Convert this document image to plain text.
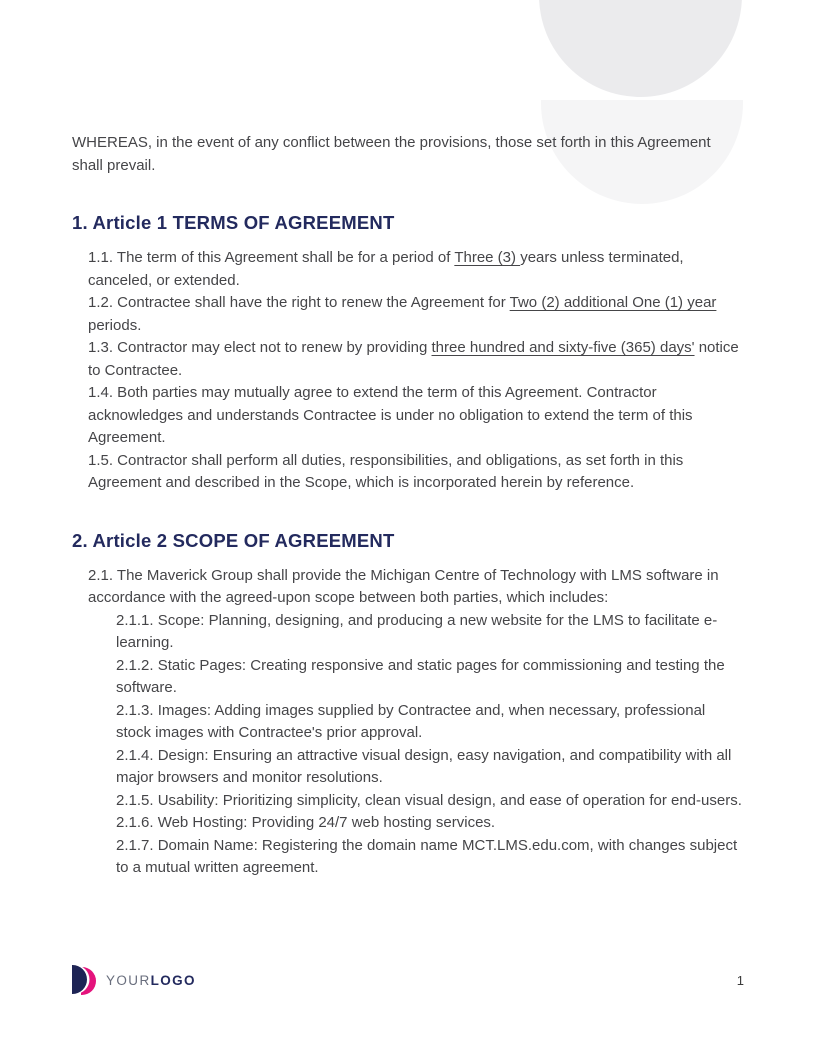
WHEREAS, in the event of any conflict between the provisions, those set forth in this Agreement shall prevail.

1. Article 1 TERMS OF AGREEMENT

1.1. The term of this Agreement shall be for a period of Three (3) years unless terminated, canceled, or extended.

1.2. Contractee shall have the right to renew the Agreement for Two (2) additional One (1) year periods.

1.3. Contractor may elect not to renew by providing three hundred and sixty-five (365) days' notice to Contractee.

1.4. Both parties may mutually agree to extend the term of this Agreement. Contractor acknowledges and understands Contractee is under no obligation to extend the term of this Agreement.

1.5. Contractor shall perform all duties, responsibilities, and obligations, as set forth in this Agreement and described in the Scope, which is incorporated herein by reference.

2. Article 2 SCOPE OF AGREEMENT

2.1. The Maverick Group shall provide the Michigan Centre of Technology with LMS software in accordance with the agreed-upon scope between both parties, which includes:

2.1.1. Scope: Planning, designing, and producing a new website for the LMS to facilitate e-learning.

2.1.2. Static Pages: Creating responsive and static pages for commissioning and testing the software.

2.1.3. Images: Adding images supplied by Contractee and, when necessary, professional stock images with Contractee's prior approval.

2.1.4. Design: Ensuring an attractive visual design, easy navigation, and compatibility with all major browsers and monitor resolutions.

2.1.5. Usability: Prioritizing simplicity, clean visual design, and ease of operation for end-users.

2.1.6. Web Hosting: Providing 24/7 web hosting services.

2.1.7. Domain Name: Registering the domain name MCT.LMS.edu.com, with changes subject to a mutual written agreement.

YOURLOGO	1
